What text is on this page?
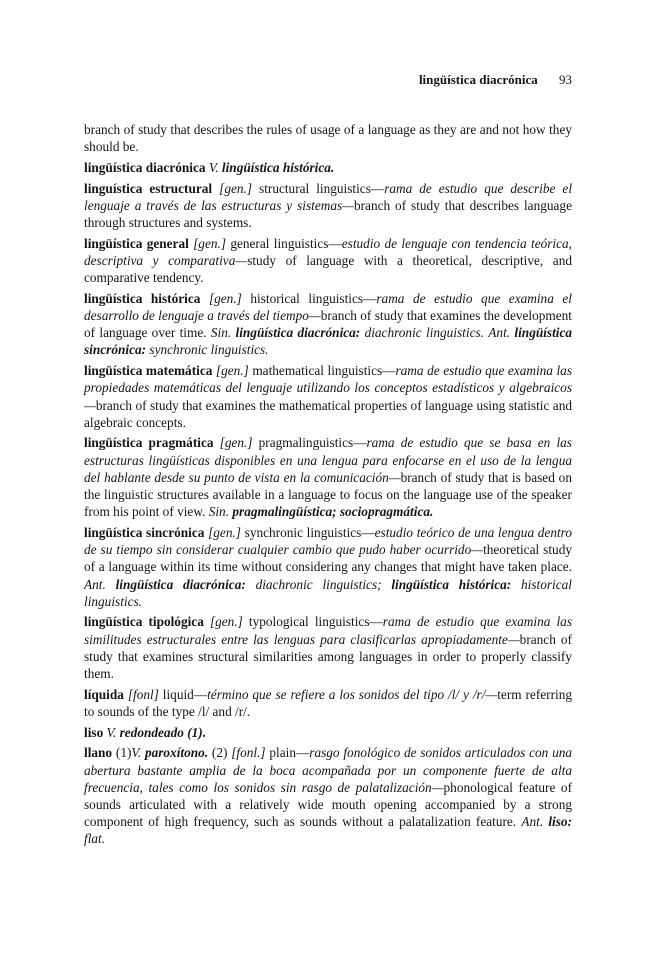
lingüística diacrónica 93

branch of study that describes the rules of usage of a language as they are and not how they should be.

lingüística diacrónica V. lingüística histórica.

linguística estructural [gen.] structural linguistics—rama de estudio que describe el lenguaje a través de las estructuras y sistemas—branch of study that describes language through structures and systems.

lingüística general [gen.] general linguistics—estudio de lenguaje con tendencia teórica, descriptiva y comparativa—study of language with a theoretical, descriptive, and comparative tendency.

lingüística histórica [gen.] historical linguistics—rama de estudio que examina el desarrollo de lenguaje a través del tiempo—branch of study that examines the development of language over time. Sin. lingüística diacrónica: diachronic linguistics. Ant. lingüística sincrónica: synchronic linguistics.

lingüística matemática [gen.] mathematical linguistics—rama de estudio que examina las propiedades matemáticas del lenguaje utilizando los conceptos estadísticos y algebraicos—branch of study that examines the mathematical properties of language using statistic and algebraic concepts.

lingüística pragmática [gen.] pragmalinguistics—rama de estudio que se basa en las estructuras lingüísticas disponibles en una lengua para enfocarse en el uso de la lengua del hablante desde su punto de vista en la comunicación—branch of study that is based on the linguistic structures available in a language to focus on the language use of the speaker from his point of view. Sin. pragmalingüística; sociopragmática.

lingüística sincrónica [gen.] synchronic linguistics—estudio teórico de una lengua dentro de su tiempo sin considerar cualquier cambio que pudo haber ocurrido—theoretical study of a language within its time without considering any changes that might have taken place. Ant. lingüística diacrónica: diachronic linguistics; lingüística histórica: historical linguistics.

lingüística tipológica [gen.] typological linguistics—rama de estudio que examina las similitudes estructurales entre las lenguas para clasificarlas apropiadamente—branch of study that examines structural similarities among languages in order to properly classify them.

líquida [fonl] liquid—término que se refiere a los sonidos del tipo /l/ y /r/—term referring to sounds of the type /l/ and /r/.

liso V. redondeado (1).

llano (1)V. paroxítono. (2) [fonl.] plain—rasgo fonológico de sonidos articulados con una abertura bastante amplia de la boca acompañada por un componente fuerte de alta frecuencia, tales como los sonidos sin rasgo de palatalización—phonological feature of sounds articulated with a relatively wide mouth opening accompanied by a strong component of high frequency, such as sounds without a palatalization feature. Ant. liso: flat.
